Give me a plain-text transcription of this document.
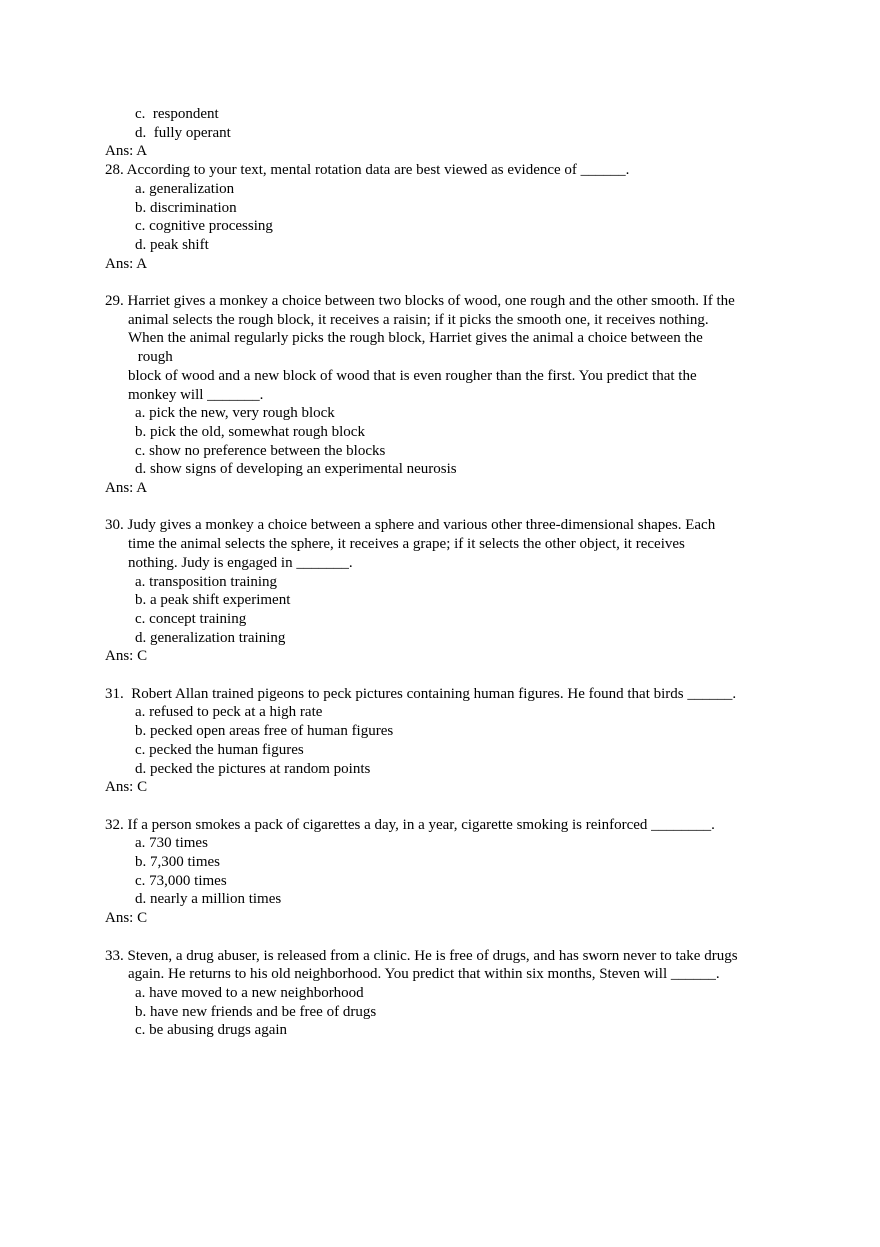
c.  respondent
d.  fully operant
Ans: A
28. According to your text, mental rotation data are best viewed as evidence of ______.
a. generalization
b. discrimination
c. cognitive processing
d. peak shift
Ans: A
29. Harriet gives a monkey a choice between two blocks of wood, one rough and the other smooth. If the
animal selects the rough block, it receives a raisin; if it picks the smooth one, it receives nothing.
When the animal regularly picks the rough block, Harriet gives the animal a choice between the
rough
block of wood and a new block of wood that is even rougher than the first. You predict that the
monkey will _______.
a. pick the new, very rough block
b. pick the old, somewhat rough block
c. show no preference between the blocks
d. show signs of developing an experimental neurosis
Ans: A
30. Judy gives a monkey a choice between a sphere and various other three-dimensional shapes. Each
time the animal selects the sphere, it receives a grape; if it selects the other object, it receives
nothing. Judy is engaged in _______.
a. transposition training
b. a peak shift experiment
c. concept training
d. generalization training
Ans: C
31.  Robert Allan trained pigeons to peck pictures containing human figures. He found that birds ______.
a. refused to peck at a high rate
b. pecked open areas free of human figures
c. pecked the human figures
d. pecked the pictures at random points
Ans: C
32. If a person smokes a pack of cigarettes a day, in a year, cigarette smoking is reinforced ________.
a. 730 times
b. 7,300 times
c. 73,000 times
d. nearly a million times
Ans: C
33. Steven, a drug abuser, is released from a clinic. He is free of drugs, and has sworn never to take drugs
again. He returns to his old neighborhood. You predict that within six months, Steven will ______.
a. have moved to a new neighborhood
b. have new friends and be free of drugs
c. be abusing drugs again
